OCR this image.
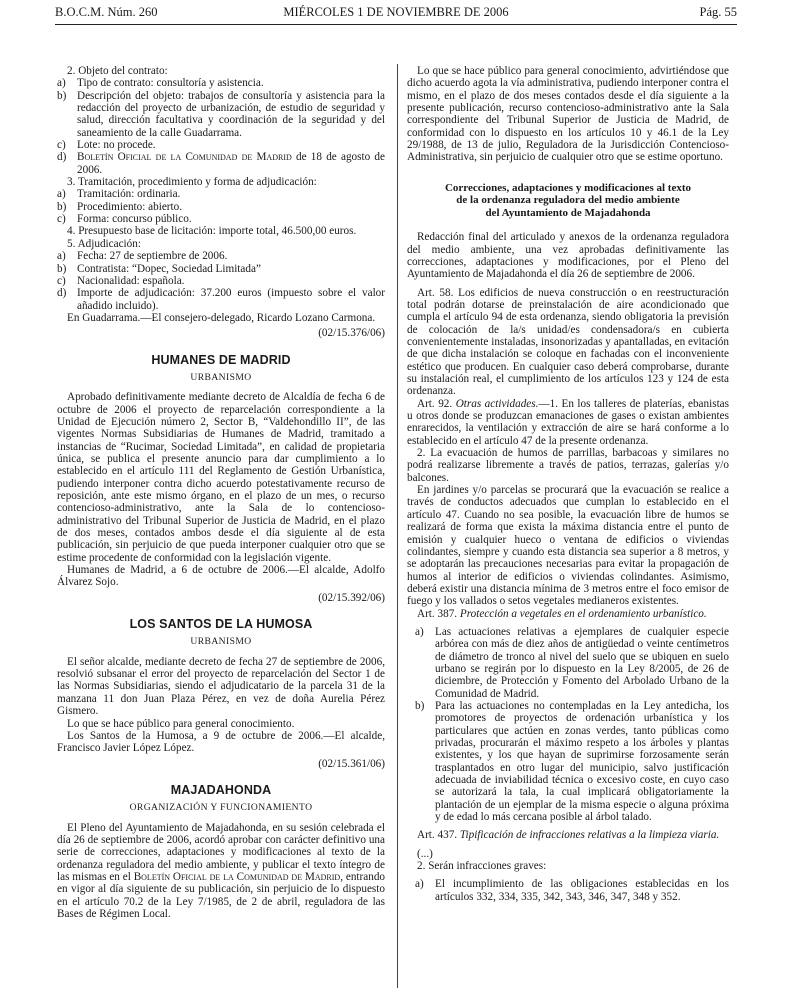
B.O.C.M. Núm. 260	MIÉRCOLES 1 DE NOVIEMBRE DE 2006	Pág. 55

2. Objeto del contrato:

a)	Tipo de contrato: consultoría y asistencia.
b) Descripción del objeto: trabajos de consultoría y asistencia para la redacción del proyecto de urbanización, de estudio de seguridad y salud, dirección facultativa y coordinación de la seguridad y del saneamiento de la calle Guadarrama.
c)	Lote: no procede.
d) Boletín Oficial de la Comunidad de Madrid de 18 de agosto de 2006.

3. Tramitación, procedimiento y forma de adjudicación:

a)	Tramitación: ordinaria.
b) Procedimiento: abierto.
c)	Forma: concurso público.

4. Presupuesto base de licitación: importe total, 46.500,00 euros.

5. Adjudicación:

a)	Fecha: 27 de septiembre de 2006.
b) Contratista: “Dopec, Sociedad Limitada”
c)	Nacionalidad: española.
d) Importe de adjudicación: 37.200 euros (impuesto sobre el valor añadido incluido).

En Guadarrama.—El consejero-delegado, Ricardo Lozano Carmona.

(02/15.376/06)

HUMANES DE MADRID
URBANISMO

Aprobado definitivamente mediante decreto de Alcaldía de fecha 6 de octubre de 2006 el proyecto de reparcelación correspondiente a la Unidad de Ejecución número 2, Sector B, “Valdehondillo II”, de las vigentes Normas Subsidiarias de Humanes de Madrid, tramitado a instancias de “Rucimar, Sociedad Limitada”, en calidad de propietaria única, se publica el presente anuncio para dar cumplimiento a lo establecido en el artículo 111 del Reglamento de Gestión Urbanística, pudiendo interponer contra dicho acuerdo potestativamente recurso de reposición, ante este mismo órgano, en el plazo de un mes, o recurso contencioso-administrativo, ante la Sala de lo contencioso-administrativo del Tribunal Superior de Justicia de Madrid, en el plazo de dos meses, contados ambos desde el día siguiente al de esta publicación, sin perjuicio de que pueda interponer cualquier otro que se estime procedente de conformidad con la legislación vigente.

Humanes de Madrid, a 6 de octubre de 2006.—El alcalde, Adolfo Álvarez Sojo.

(02/15.392/06)

LOS SANTOS DE LA HUMOSA
URBANISMO

El señor alcalde, mediante decreto de fecha 27 de septiembre de 2006, resolvió subsanar el error del proyecto de reparcelación del Sector 1 de las Normas Subsidiarias, siendo el adjudicatario de la parcela 31 de la manzana 11 don Juan Plaza Pérez, en vez de doña Aurelia Pérez Gismero.

Lo que se hace público para general conocimiento.

Los Santos de la Humosa, a 9 de octubre de 2006.—El alcalde, Francisco Javier López López.

(02/15.361/06)

MAJADAHONDA
ORGANIZACIÓN Y FUNCIONAMIENTO

El Pleno del Ayuntamiento de Majadahonda, en su sesión celebrada el día 26 de septiembre de 2006, acordó aprobar con carácter definitivo una serie de correcciones, adaptaciones y modificaciones al texto de la ordenanza reguladora del medio ambiente, y publicar el texto íntegro de las mismas en el Boletín Oficial de la Comunidad de Madrid, entrando en vigor al día siguiente de su publicación, sin perjuicio de lo dispuesto en el artículo 70.2 de la Ley 7/1985, de 2 de abril, reguladora de las Bases de Régimen Local.

Lo que se hace público para general conocimiento, advirtiéndose que dicho acuerdo agota la vía administrativa, pudiendo interponer contra el mismo, en el plazo de dos meses contados desde el día siguiente a la presente publicación, recurso contencioso-administrativo ante la Sala correspondiente del Tribunal Superior de Justicia de Madrid, de conformidad con lo dispuesto en los artículos 10 y 46.1 de la Ley 29/1988, de 13 de julio, Reguladora de la Jurisdicción Contencioso-Administrativa, sin perjuicio de cualquier otro que se estime oportuno.

Correcciones, adaptaciones y modificaciones al texto
de la ordenanza reguladora del medio ambiente
del Ayuntamiento de Majadahonda

Redacción final del articulado y anexos de la ordenanza reguladora del medio ambiente, una vez aprobadas definitivamente las correcciones, adaptaciones y modificaciones, por el Pleno del Ayuntamiento de Majadahonda el día 26 de septiembre de 2006.

Art. 58. Los edificios de nueva construcción o en reestructuración total podrán dotarse de preinstalación de aire acondicionado que cumpla el artículo 94 de esta ordenanza, siendo obligatoria la previsión de colocación de la/s unidad/es condensadora/s en cubierta convenientemente instaladas, insonorizadas y apantalladas, en evitación de que dicha instalación se coloque en fachadas con el inconveniente estético que producen. En cualquier caso deberá comprobarse, durante su instalación real, el cumplimiento de los artículos 123 y 124 de esta ordenanza.

Art. 92. Otras actividades.—1. En los talleres de platerías, ebanistas u otros donde se produzcan emanaciones de gases o existan ambientes enrarecidos, la ventilación y extracción de aire se hará conforme a lo establecido en el artículo 47 de la presente ordenanza.

2. La evacuación de humos de parrillas, barbacoas y similares no podrá realizarse libremente a través de patios, terrazas, galerías y/o balcones.

En jardines y/o parcelas se procurará que la evacuación se realice a través de conductos adecuados que cumplan lo establecido en el artículo 47. Cuando no sea posible, la evacuación libre de humos se realizará de forma que exista la máxima distancia entre el punto de emisión y cualquier hueco o ventana de edificios o viviendas colindantes, siempre y cuando esta distancia sea superior a 8 metros, y se adoptarán las precauciones necesarias para evitar la propagación de humos al interior de edificios o viviendas colindantes. Asimismo, deberá existir una distancia mínima de 3 metros entre el foco emisor de fuego y los vallados o setos vegetales medianeros existentes.

Art. 387. Protección a vegetales en el ordenamiento urbanístico.

a)	Las actuaciones relativas a ejemplares de cualquier especie arbórea con más de diez años de antigüedad o veinte centímetros de diámetro de tronco al nivel del suelo que se ubiquen en suelo urbano se regirán por lo dispuesto en la Ley 8/2005, de 26 de diciembre, de Protección y Fomento del Arbolado Urbano de la Comunidad de Madrid.
b) Para las actuaciones no contempladas en la Ley antedicha, los promotores de proyectos de ordenación urbanística y los particulares que actúen en zonas verdes, tanto públicas como privadas, procurarán el máximo respeto a los árboles y plantas existentes, y los que hayan de suprimirse forzosamente serán trasplantados en otro lugar del municipio, salvo justificación adecuada de inviabilidad técnica o excesivo coste, en cuyo caso se autorizará la tala, la cual implicará obligatoriamente la plantación de un ejemplar de la misma especie o alguna próxima y de edad lo más cercana posible al árbol talado.

Art. 437. Tipificación de infracciones relativas a la limpieza viaria.

(...)

2. Serán infracciones graves:

a)	El incumplimiento de las obligaciones establecidas en los artículos 332, 334, 335, 342, 343, 346, 347, 348 y 352.
